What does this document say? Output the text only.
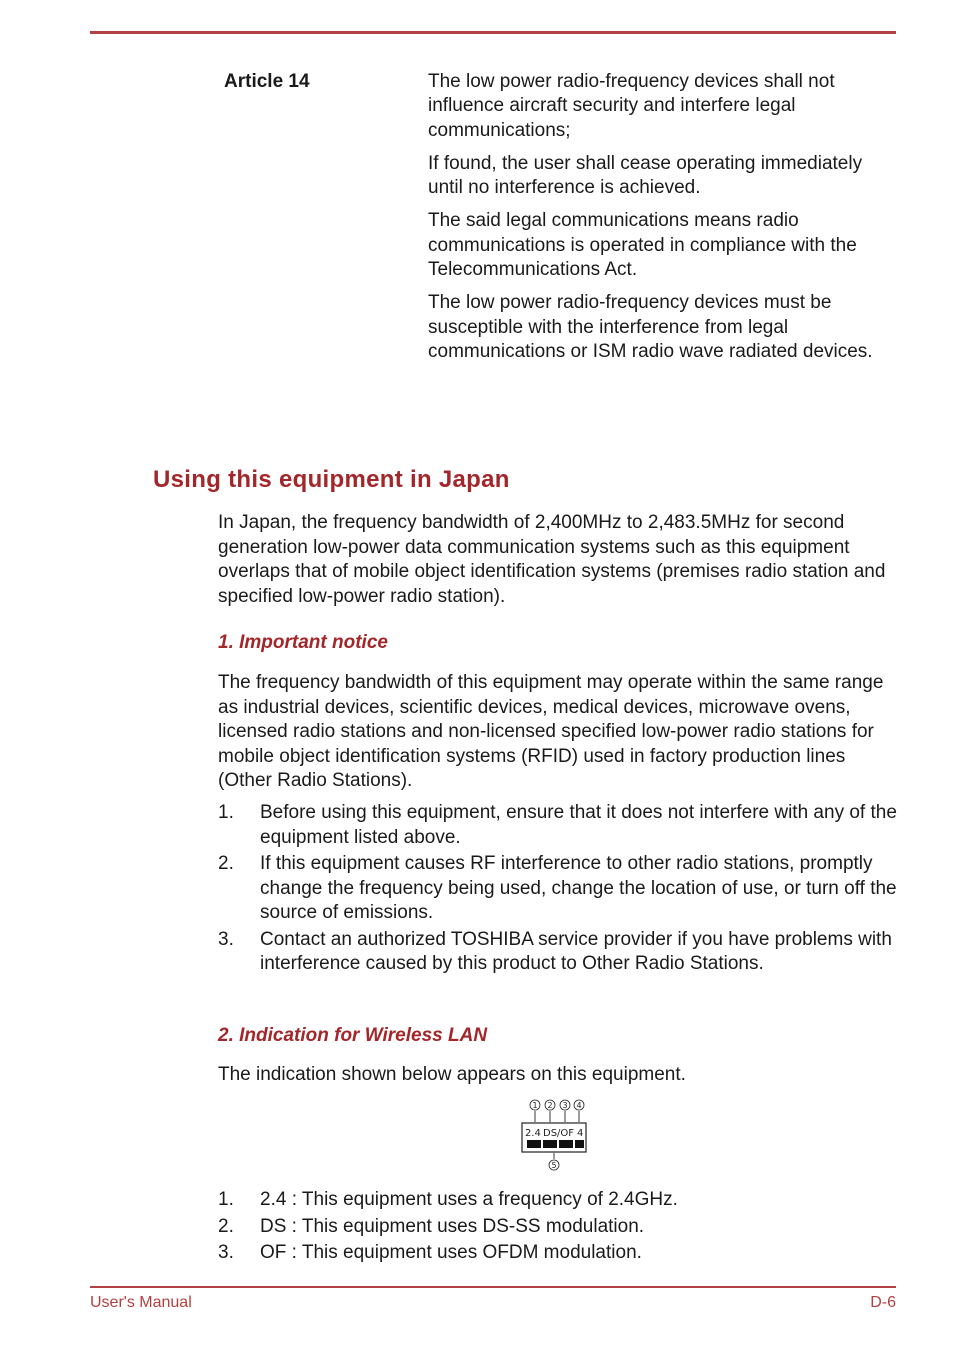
Article 14	The low power radio-frequency devices shall not influence aircraft security and interfere legal communications;

If found, the user shall cease operating immediately until no interference is achieved.

The said legal communications means radio communications is operated in compliance with the Telecommunications Act.

The low power radio-frequency devices must be susceptible with the interference from legal communications or ISM radio wave radiated devices.

Using this equipment in Japan

In Japan, the frequency bandwidth of 2,400MHz to 2,483.5MHz for second generation low-power data communication systems such as this equipment overlaps that of mobile object identification systems (premises radio station and specified low-power radio station).

1. Important notice

The frequency bandwidth of this equipment may operate within the same range as industrial devices, scientific devices, medical devices, microwave ovens, licensed radio stations and non-licensed specified low-power radio stations for mobile object identification systems (RFID) used in factory production lines (Other Radio Stations).

1. Before using this equipment, ensure that it does not interfere with any of the equipment listed above.
2. If this equipment causes RF interference to other radio stations, promptly change the frequency being used, change the location of use, or turn off the source of emissions.
3. Contact an authorized TOSHIBA service provider if you have problems with interference caused by this product to Other Radio Stations.
2. Indication for Wireless LAN

The indication shown below appears on this equipment.

1 2 3 4
2.4 DS/OF 4
5
1. 2.4 : This equipment uses a frequency of 2.4GHz.
2. DS : This equipment uses DS-SS modulation.
3. OF : This equipment uses OFDM modulation.
User's Manual	D-6
